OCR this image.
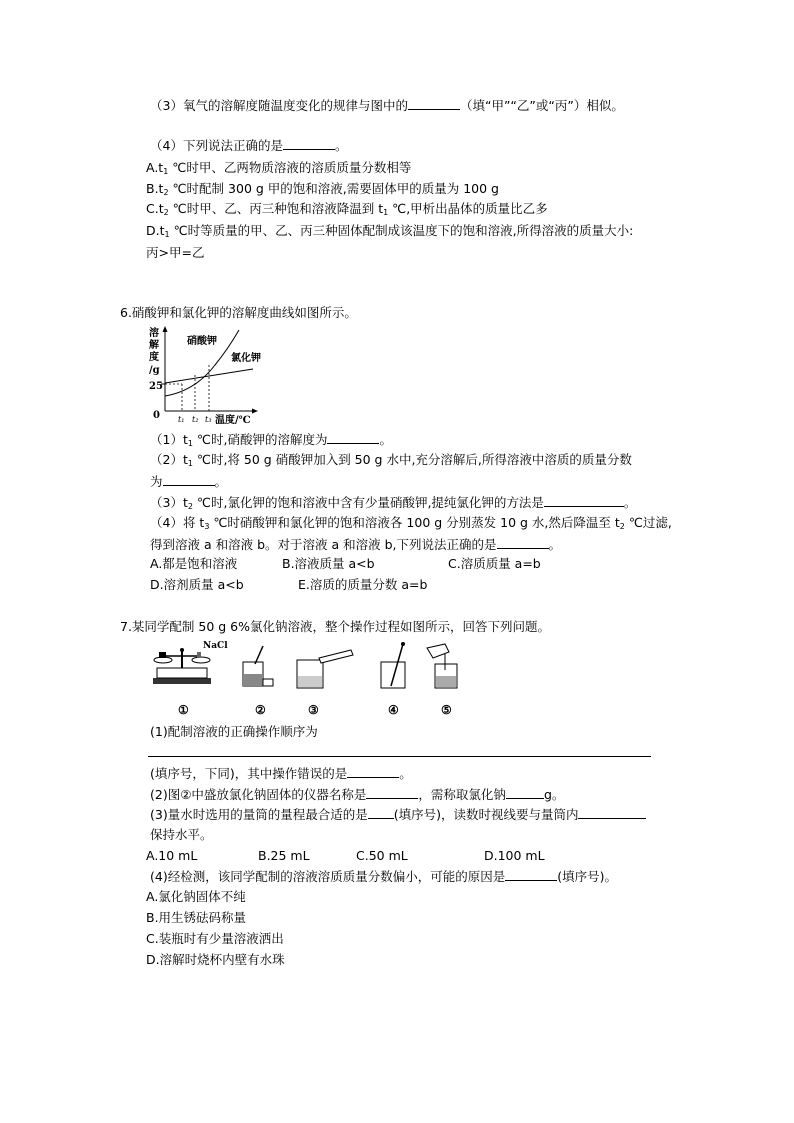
（3）氧气的溶解度随温度变化的规律与图中的	（填“甲”“乙”或“丙”）相似。
（4）下列说法正确的是	。
$A.t_1$ ℃时甲、乙两物质溶液的溶质质量分数相等
$B.t_2$ ℃时配制 300 g 甲的饱和溶液,需要固体甲的质量为 100 g
$C.t_2$ ℃时甲、乙、丙三种饱和溶液降温到 $t_1$ ℃,甲析出晶体的质量比乙多
$D.t_1$ ℃时等质量的甲、乙、丙三种固体配制成该温度下的饱和溶液,所得溶液的质量大小:
丙>甲=乙
6.硝酸钾和氯化钾的溶解度曲线如图所示。
溶
解
度
/g
25
0 t₁ t₂ t₃ 温度/℃
硝酸钾
氯化钾
$(1)t_1$ ℃时,硝酸钾的溶解度为	。
$(2)t_1$ ℃时,将 50 g 硝酸钾加入到 50 g 水中,充分溶解后,所得溶液中溶质的质量分数
为	。
$(3)t_2$ ℃时,氯化钾的饱和溶液中含有少量硝酸钾,提纯氯化钾的方法是	。
（4）将 $t_3$ ℃时硝酸钾和氯化钾的饱和溶液各 100 g 分别蒸发 10 g 水,然后降温至 $t_2$ ℃过滤,
得到溶液 a 和溶液 b。对于溶液 a 和溶液 b,下列说法正确的是	。
A.都是饱和溶液	B.溶液质量 a<b	C.溶质质量 a=b
D.溶剂质量 a<b	E.溶质的质量分数 a=b
7.某同学配制 50 g 6%氯化钠溶液，整个操作过程如图所示，回答下列问题。
NaCl
①	②	③	④	⑤
(1)配制溶液的正确操作顺序为
(填序号，下同)，其中操作错误的是	。
(2)图②中盛放氯化钠固体的仪器名称是	，需称取氯化钠	g。
(3)量水时选用的量筒的量程最合适的是 (填序号)，读数时视线要与量筒内
保持水平。
A.10 mL	B.25 mL	C.50 mL	D.100 mL
(4)经检测，该同学配制的溶液溶质质量分数偏小，可能的原因是	(填序号)。
A.氯化钠固体不纯
B.用生锈砝码称量
C.装瓶时有少量溶液洒出
D.溶解时烧杯内壁有水珠
